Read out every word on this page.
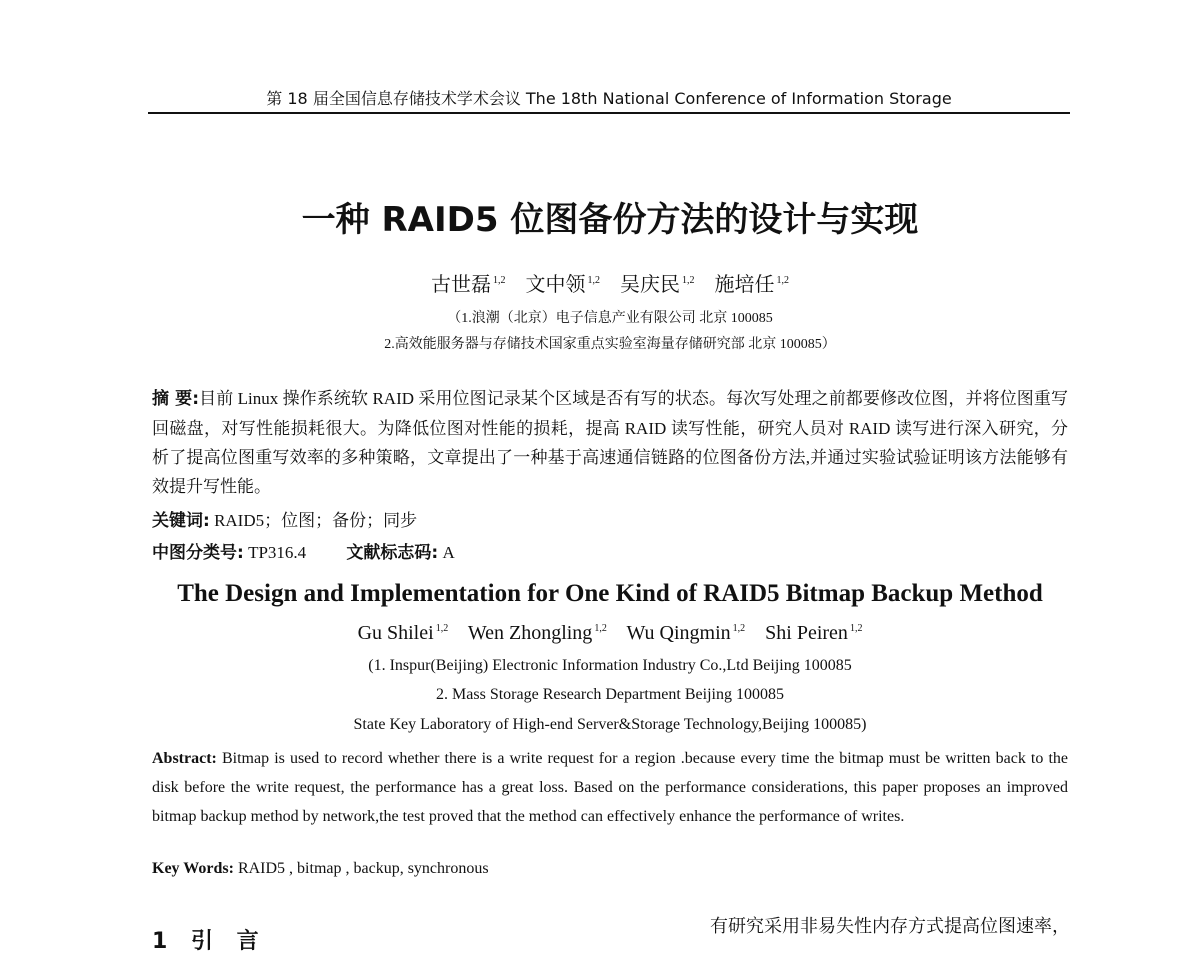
第 18 届全国信息存储技术学术会议 The 18th National Conference of Information Storage
一种 RAID5 位图备份方法的设计与实现
古世磊 $^{1,2}$ 文中领 $^{1,2}$ 吴庆民 $^{1,2}$ 施培任 $^{1,2}$
（1.浪潮（北京）电子信息产业有限公司 北京 100085
2.高效能服务器与存储技术国家重点实验室海量存储研究部 北京 100085）
摘 要:目前 Linux 操作系统软 RAID 采用位图记录某个区域是否有写的状态。每次写处理之前都要修改位图，并将位图重写回磁盘，对写性能损耗很大。为降低位图对性能的损耗，提高 RAID 读写性能，研究人员对 RAID 读写进行深入研究，分析了提高位图重写效率的多种策略，文章提出了一种基于高速通信链路的位图备份方法,并通过实验试验证明该方法能够有效提升写性能。
关键词: RAID5；位图；备份；同步
中图分类号: TP316.4 文献标志码: A
The Design and Implementation for One Kind of RAID5 Bitmap Backup Method
Gu Shilei $^{1,2}$ Wen Zhongling $^{1,2}$ Wu Qingmin $^{1,2}$ Shi Peiren $^{1,2}$
(1. Inspur(Beijing) Electronic Information Industry Co.,Ltd Beijing 100085
2. Mass Storage Research Department Beijing 100085
State Key Laboratory of High-end Server&Storage Technology,Beijing 100085)
Abstract: Bitmap is used to record whether there is a write request for a region .because every time the bitmap must be written back to the disk before the write request, the performance has a great loss. Based on the performance considerations, this paper proposes an improved bitmap backup method by network,the test proved that the method can effectively enhance the performance of writes.
Key Words: RAID5 , bitmap , backup, synchronous
1 引 言
有研究采用非易失性内存方式提高位图速率，
